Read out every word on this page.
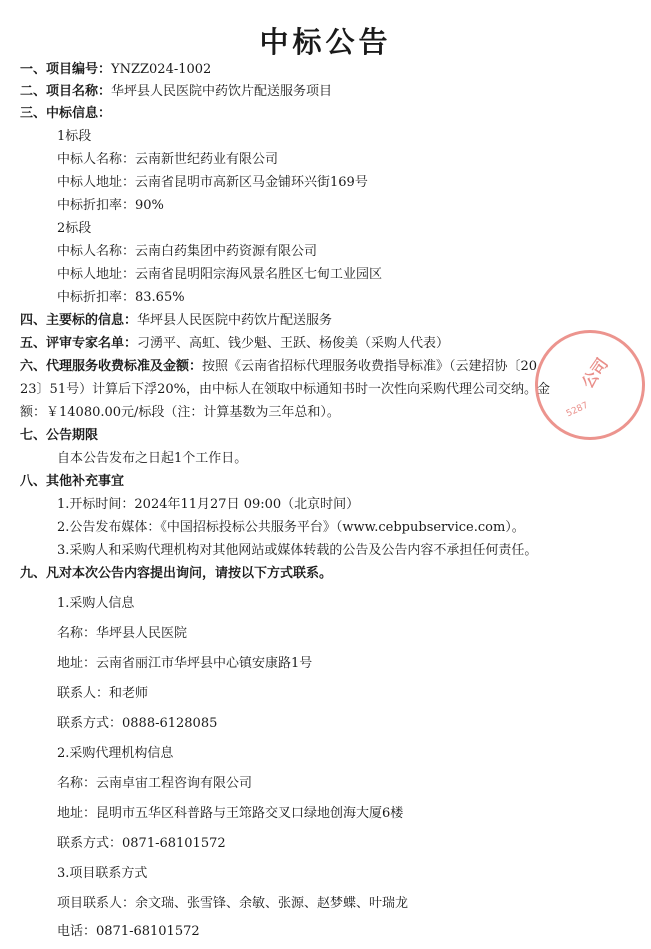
中标公告
一、项目编号：YNZZ024-1002
二、项目名称：华坪县人民医院中药饮片配送服务项目
三、中标信息：
1标段
中标人名称：云南新世纪药业有限公司
中标人地址：云南省昆明市高新区马金铺环兴街169号
中标折扣率：90%
2标段
中标人名称：云南白药集团中药资源有限公司
中标人地址：云南省昆明阳宗海风景名胜区七甸工业园区
中标折扣率：83.65%
四、主要标的信息：华坪县人民医院中药饮片配送服务
五、评审专家名单：刁湧平、高虹、钱少魁、王跃、杨俊美（采购人代表）
六、代理服务收费标准及金额：按照《云南省招标代理服务收费指导标准》（云建招协〔20
23〕51号）计算后下浮20%，由中标人在领取中标通知书时一次性向采购代理公司交纳。金
额：￥14080.00元/标段（注：计算基数为三年总和）。
七、公告期限
自本公告发布之日起1个工作日。
八、其他补充事宜
1.开标时间：2024年11月27日 09:00（北京时间）
2.公告发布媒体：《中国招标投标公共服务平台》（www.cebpubservice.com）。
3.采购人和采购代理机构对其他网站或媒体转载的公告及公告内容不承担任何责任。
九、凡对本次公告内容提出询问，请按以下方式联系。
1.采购人信息
名称：华坪县人民医院
地址：云南省丽江市华坪县中心镇安康路1号
联系人：和老师
联系方式：0888-6128085
2.采购代理机构信息
名称：云南卓宙工程咨询有限公司
地址：昆明市五华区科普路与王筇路交叉口绿地创海大厦6楼
联系方式：0871-68101572
3.项目联系方式
项目联系人：余文瑞、张雪锋、余敏、张源、赵梦蝶、叶瑞龙
电话：0871-68101572
公司
5287
